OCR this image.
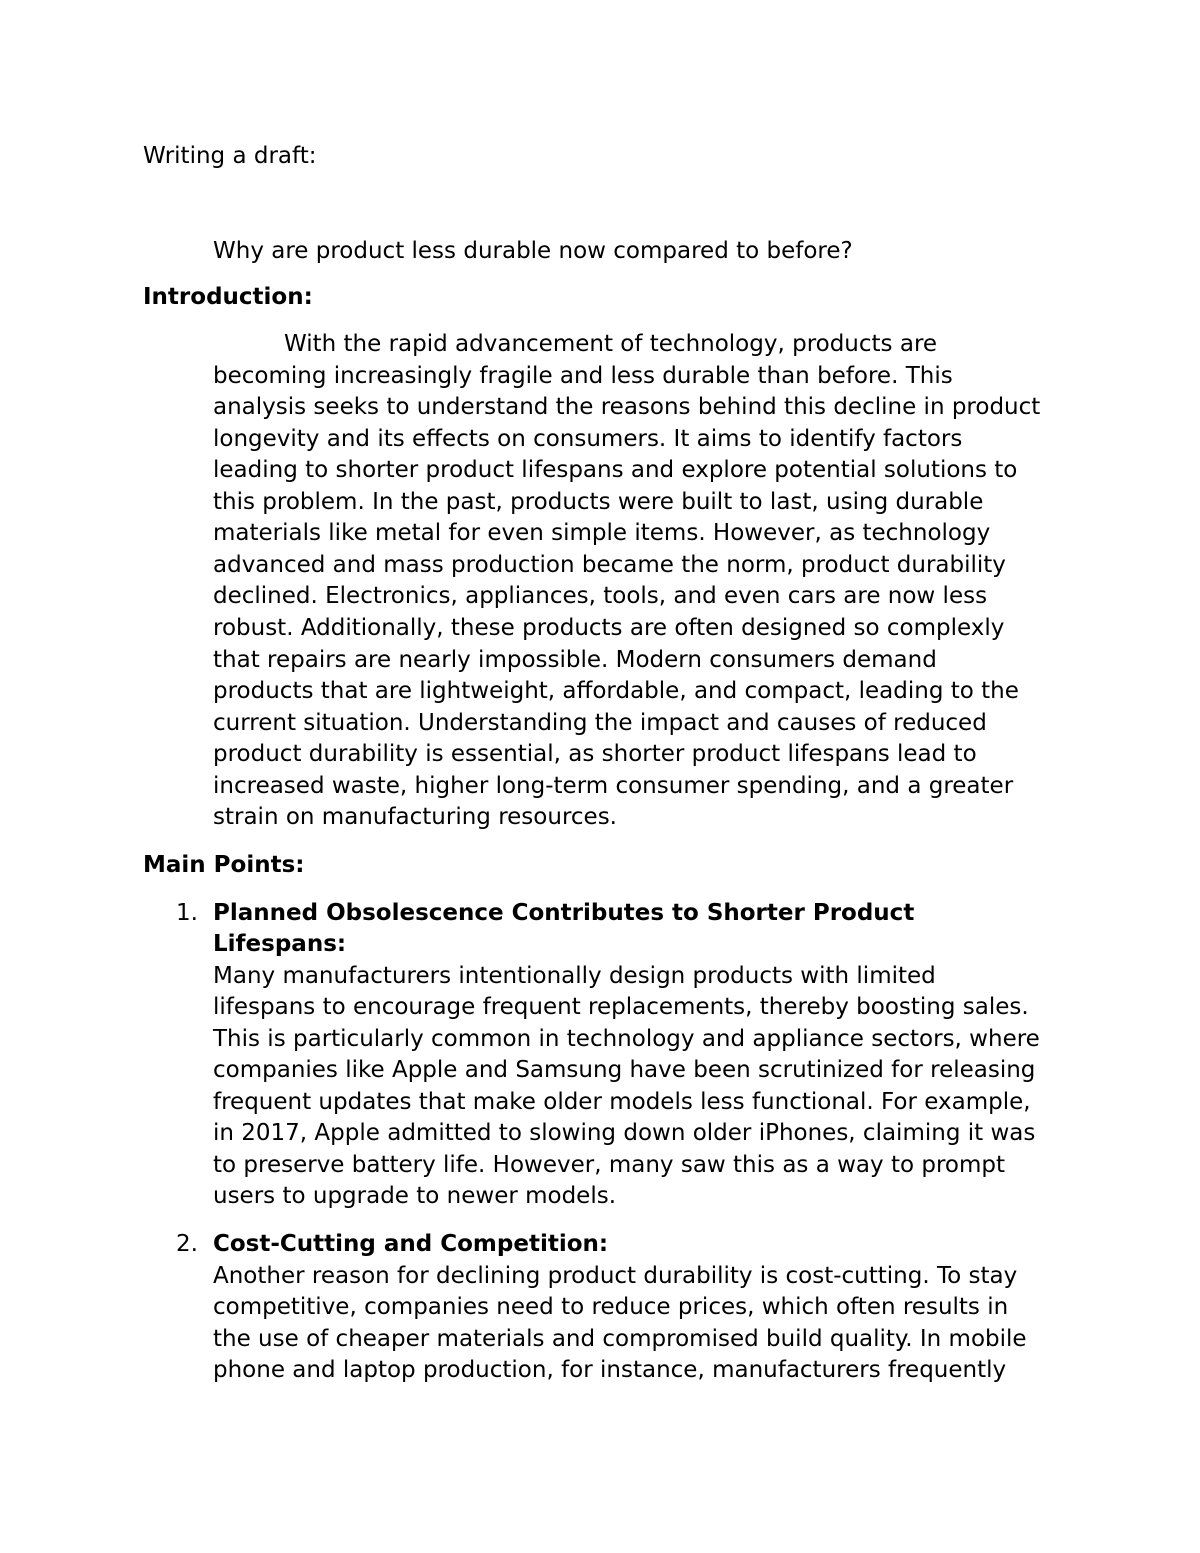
Writing a draft:
Why are product less durable now compared to before?
Introduction:
With the rapid advancement of technology, products are
becoming increasingly fragile and less durable than before. This
analysis seeks to understand the reasons behind this decline in product
longevity and its effects on consumers. It aims to identify factors
leading to shorter product lifespans and explore potential solutions to
this problem. In the past, products were built to last, using durable
materials like metal for even simple items. However, as technology
advanced and mass production became the norm, product durability
declined. Electronics, appliances, tools, and even cars are now less
robust. Additionally, these products are often designed so complexly
that repairs are nearly impossible. Modern consumers demand
products that are lightweight, affordable, and compact, leading to the
current situation. Understanding the impact and causes of reduced
product durability is essential, as shorter product lifespans lead to
increased waste, higher long-term consumer spending, and a greater
strain on manufacturing resources.
Main Points:
1. Planned Obsolescence Contributes to Shorter Product
Lifespans:
Many manufacturers intentionally design products with limited
lifespans to encourage frequent replacements, thereby boosting sales.
This is particularly common in technology and appliance sectors, where
companies like Apple and Samsung have been scrutinized for releasing
frequent updates that make older models less functional. For example,
in 2017, Apple admitted to slowing down older iPhones, claiming it was
to preserve battery life. However, many saw this as a way to prompt
users to upgrade to newer models.
2. Cost-Cutting and Competition:
Another reason for declining product durability is cost-cutting. To stay
competitive, companies need to reduce prices, which often results in
the use of cheaper materials and compromised build quality. In mobile
phone and laptop production, for instance, manufacturers frequently
